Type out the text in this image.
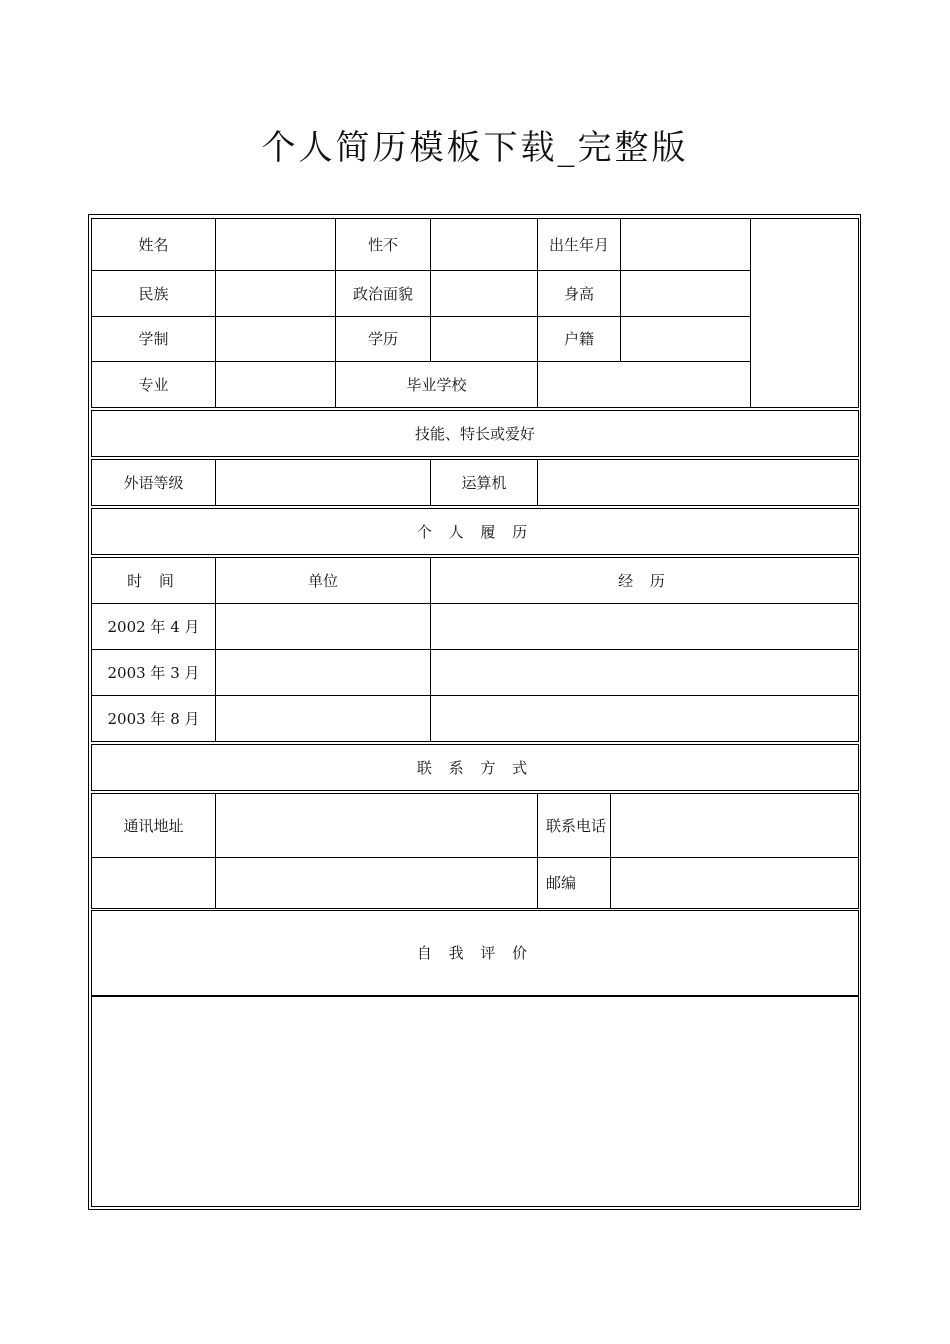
个人简历模板下载_完整版
姓名	性不	出生年月
民族	政治面貌	身高
学制	学历	户籍
专业	毕业学校
技能、特长或爱好
外语等级	运算机
个 人 履 历
时 间	单位	经 历
2002 年 4 月
2003 年 3 月
2003 年 8 月
联 系 方 式
通讯地址	联系电话
邮编
自 我 评 价
